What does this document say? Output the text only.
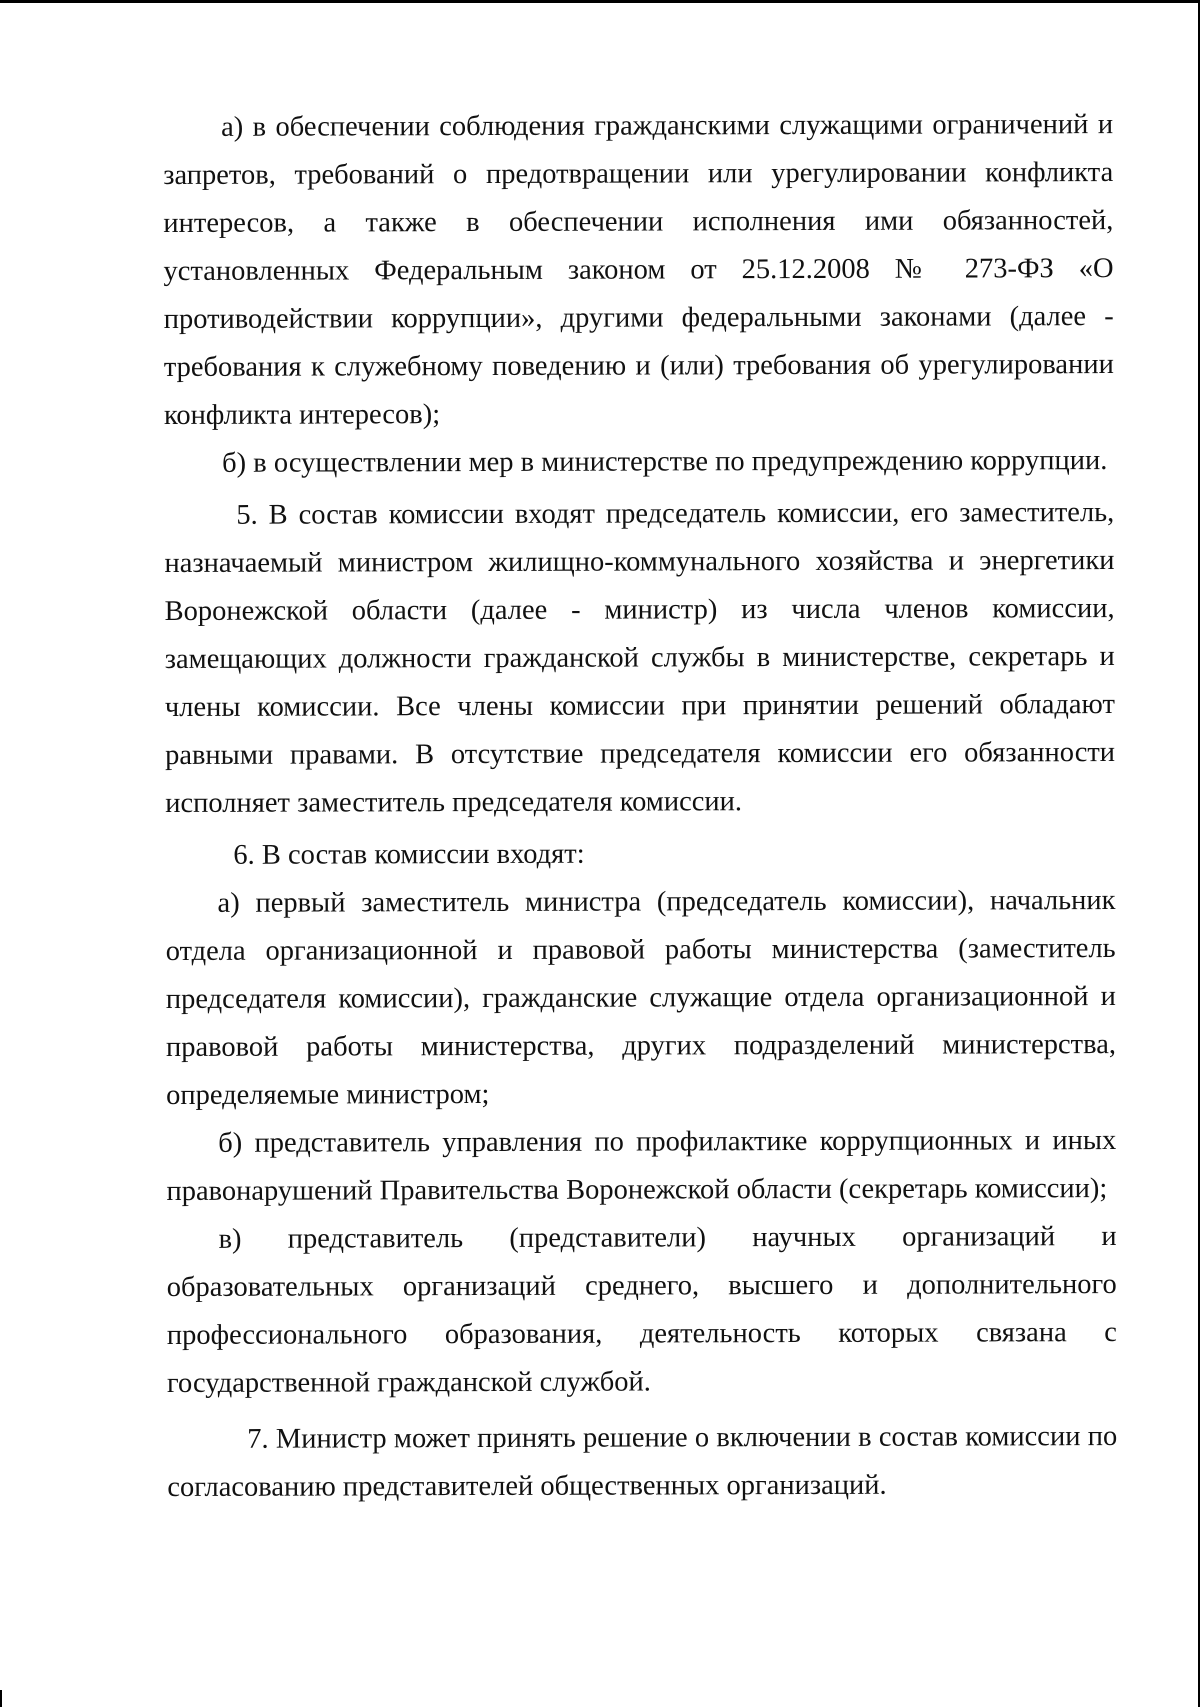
а) в обеспечении соблюдения гражданскими служащими ограничений и запретов, требований о предотвращении или урегулировании конфликта интересов, а также в обеспечении исполнения ими обязанностей, установленных Федеральным законом от 25.12.2008 № 273-ФЗ «О противодействии коррупции», другими федеральными законами (далее - требования к служебному поведению и (или) требования об урегулировании конфликта интересов);

б) в осуществлении мер в министерстве по предупреждению коррупции.

5. В состав комиссии входят председатель комиссии, его заместитель, назначаемый министром жилищно-коммунального хозяйства и энергетики Воронежской области (далее - министр) из числа членов комиссии, замещающих должности гражданской службы в министерстве, секретарь и члены комиссии. Все члены комиссии при принятии решений обладают равными правами. В отсутствие председателя комиссии его обязанности исполняет заместитель председателя комиссии.

6. В состав комиссии входят:

а) первый заместитель министра (председатель комиссии), начальник отдела организационной и правовой работы министерства (заместитель председателя комиссии), гражданские служащие отдела организационной и правовой работы министерства, других подразделений министерства, определяемые министром;

б) представитель управления по профилактике коррупционных и иных правонарушений Правительства Воронежской области (секретарь комиссии);

в) представитель (представители) научных организаций и образовательных организаций среднего, высшего и дополнительного профессионального образования, деятельность которых связана с государственной гражданской службой.

7. Министр может принять решение о включении в состав комиссии по согласованию представителей общественных организаций.
